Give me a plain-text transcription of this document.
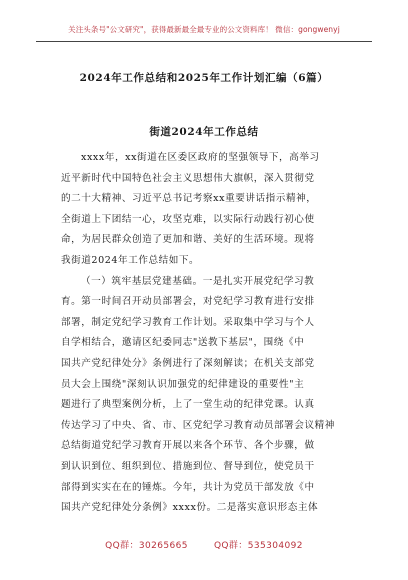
关注头条号"公文研究"，获得最新最全最专业的公文资料库！ 微信：gongwenyj
2024年工作总结和2025年工作计划汇编（6篇）
街道2024年工作总结
xxxx年，xx街道在区委区政府的坚强领导下，高举习
近平新时代中国特色社会主义思想伟大旗帜，深入贯彻党
的二十大精神、习近平总书记考察xx重要讲话指示精神，
全街道上下团结一心，攻坚克难，以实际行动践行初心使
命，为居民群众创造了更加和谐、美好的生活环境。现将
我街道2024年工作总结如下。
（一）筑牢基层党建基础。一是扎实开展党纪学习教
育。第一时间召开动员部署会，对党纪学习教育进行安排
部署，制定党纪学习教育工作计划。采取集中学习与个人
自学相结合，邀请区纪委同志"送教下基层"，围绕《中
国共产党纪律处分》条例进行了深刻解读；在机关支部党
员大会上围绕"深刻认识加强党的纪律建设的重要性"主
题进行了典型案例分析，上了一堂生动的纪律党课。认真
传达学习了中央、省、市、区党纪学习教育动员部署会议精神
总结街道党纪学习教育开展以来各个环节、各个步骤，做
到认识到位、组织到位、措施到位、督导到位，使党员干
部得到实实在在的锤炼。今年，共计为党员干部发放《中
国共产党纪律处分条例》xxxx份。二是落实意识形态主体
QQ群：30265665	QQ群：535304092
